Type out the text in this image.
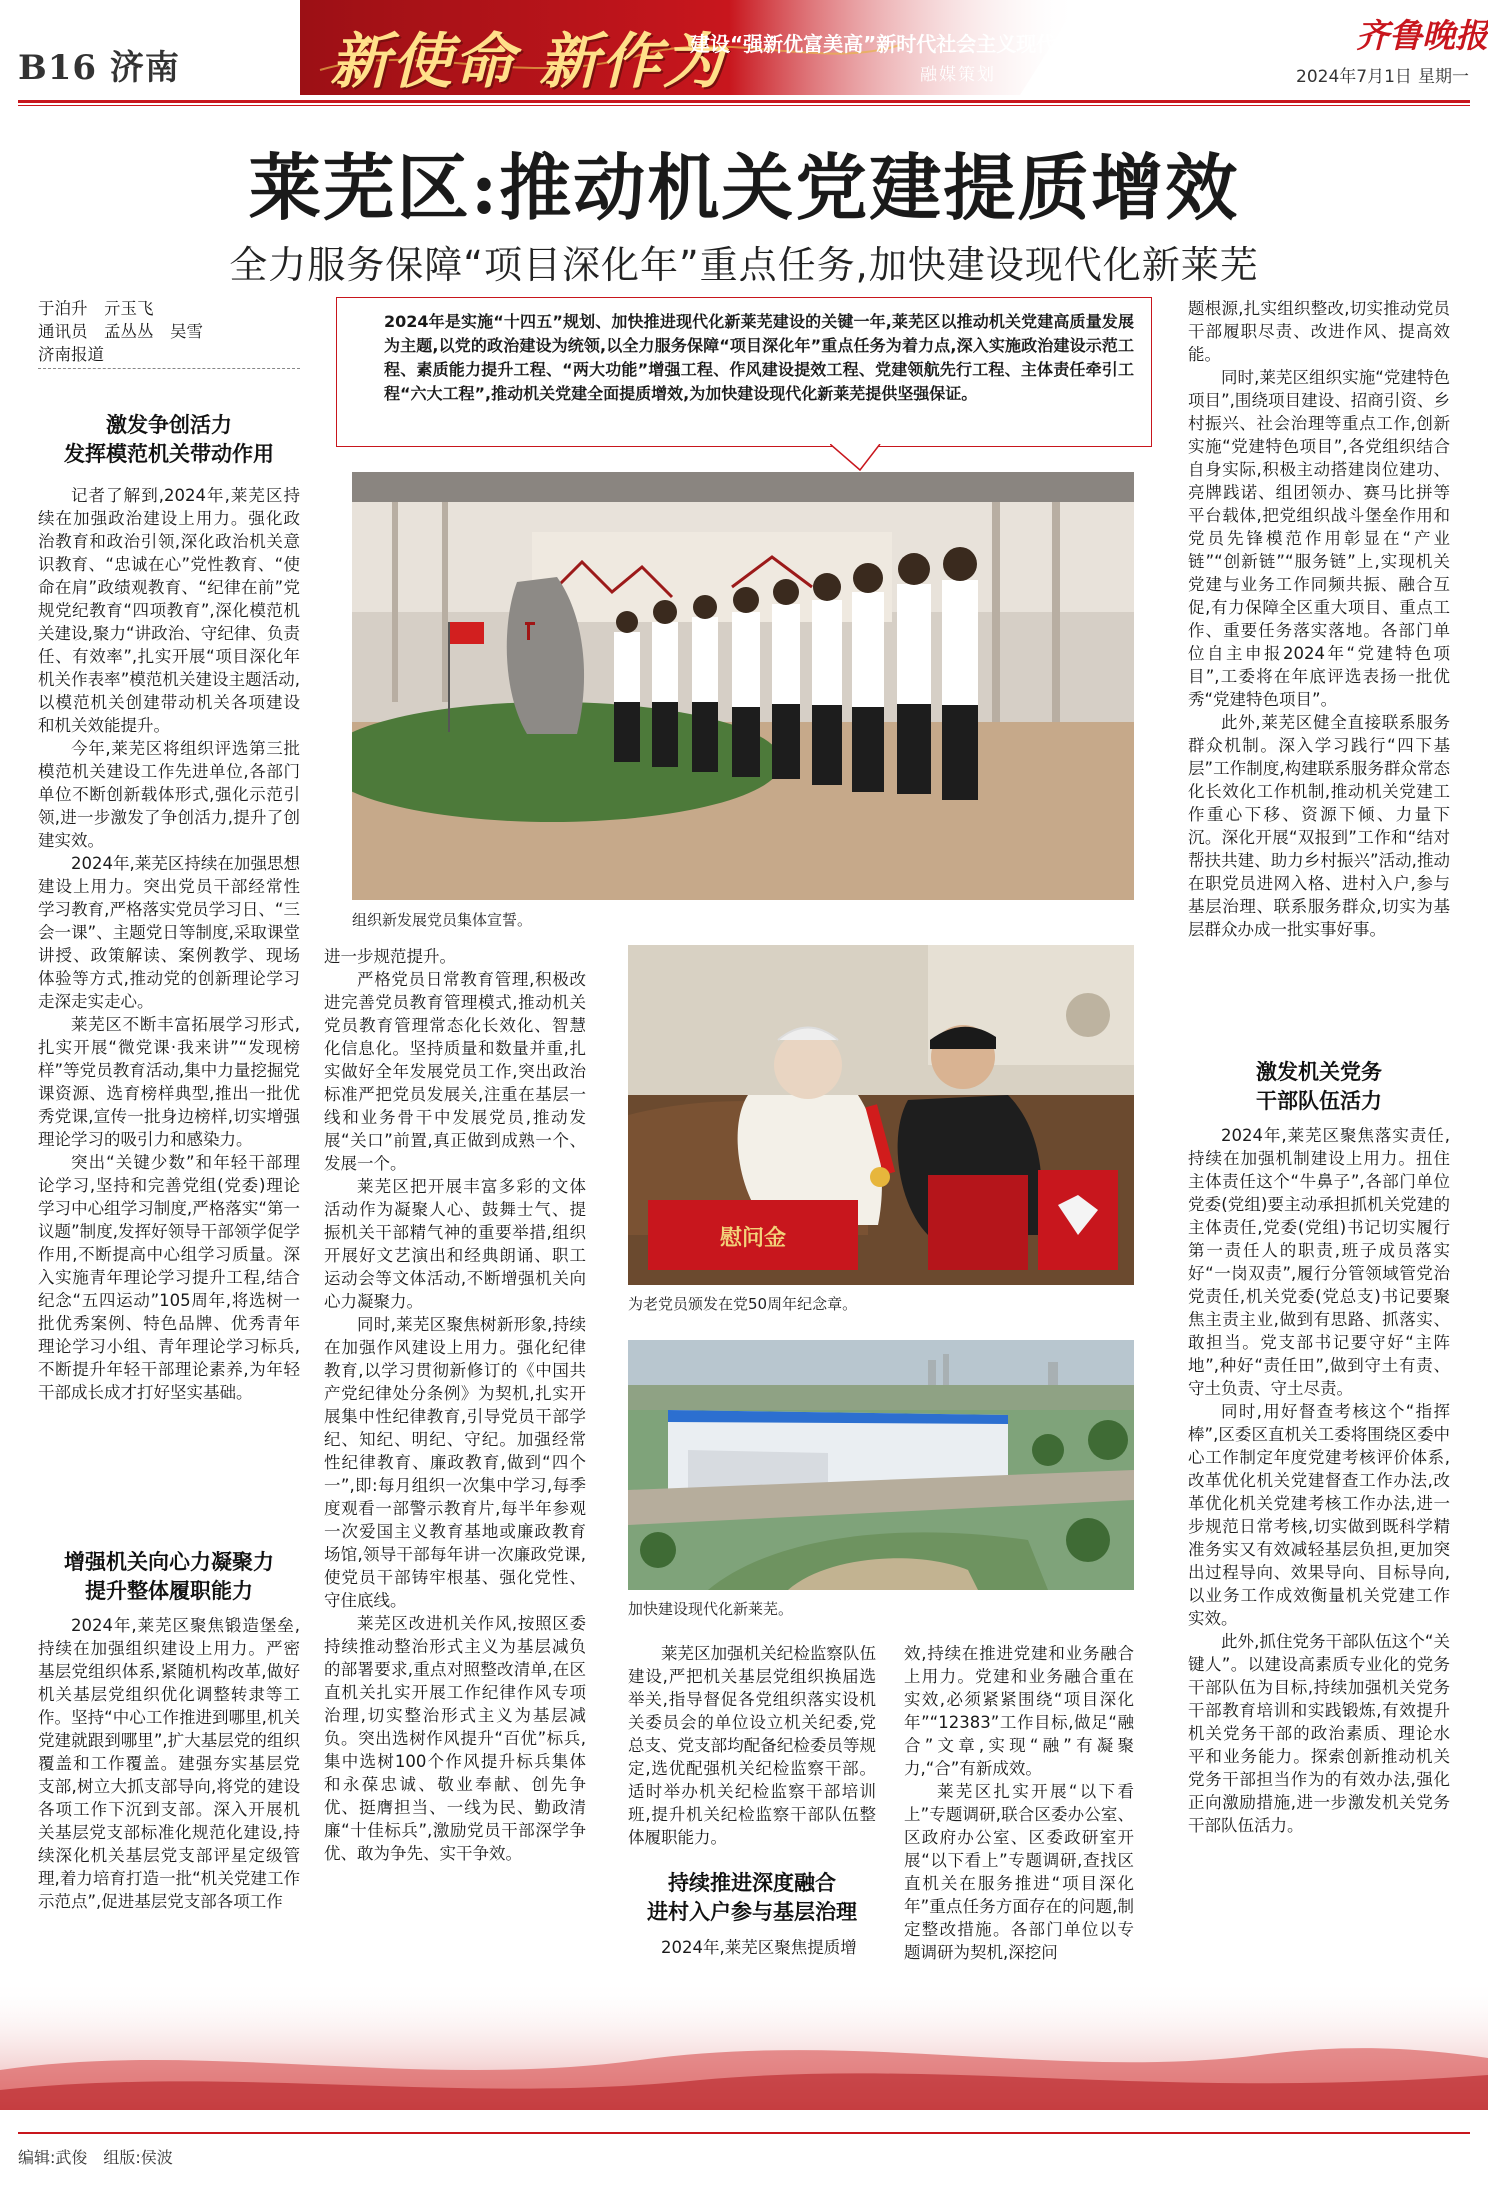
B16 济南	新使命 新作为
建设“强新优富美高”新时代社会主义现代化强省会
融媒策划
齐鲁晚报
2024年7月1日 星期一
莱芜区:推动机关党建提质增效
全力服务保障“项目深化年”重点任务,加快建设现代化新莱芜
于泊升　亓玉飞
通讯员　孟丛丛　吴雪
济南报道
2024年是实施“十四五”规划、加快推进现代化新莱芜建设的关键一年,莱芜区以推动机关党建高质量发展为主题,以党的政治建设为统领,以全力服务保障“项目深化年”重点任务为着力点,深入实施政治建设示范工程、素质能力提升工程、“两大功能”增强工程、作风建设提效工程、党建领航先行工程、主体责任牵引工程“六大工程”,推动机关党建全面提质增效,为加快建设现代化新莱芜提供坚强保证。
激发争创活力
发挥模范机关带动作用

记者了解到,2024年,莱芜区持续在加强政治建设上用力。强化政治教育和政治引领,深化政治机关意识教育、“忠诚在心”党性教育、“使命在肩”政绩观教育、“纪律在前”党规党纪教育“四项教育”,深化模范机关建设,聚力“讲政治、守纪律、负责任、有效率”,扎实开展“项目深化年 机关作表率”模范机关建设主题活动,以模范机关创建带动机关各项建设和机关效能提升。

今年,莱芜区将组织评选第三批模范机关建设工作先进单位,各部门单位不断创新载体形式,强化示范引领,进一步激发了争创活力,提升了创建实效。

2024年,莱芜区持续在加强思想建设上用力。突出党员干部经常性学习教育,严格落实党员学习日、“三会一课”、主题党日等制度,采取课堂讲授、政策解读、案例教学、现场体验等方式,推动党的创新理论学习走深走实走心。

莱芜区不断丰富拓展学习形式,扎实开展“微党课·我来讲”“发现榜样”等党员教育活动,集中力量挖掘党课资源、选育榜样典型,推出一批优秀党课,宣传一批身边榜样,切实增强理论学习的吸引力和感染力。

突出“关键少数”和年轻干部理论学习,坚持和完善党组(党委)理论学习中心组学习制度,严格落实“第一议题”制度,发挥好领导干部领学促学作用,不断提高中心组学习质量。深入实施青年理论学习提升工程,结合纪念“五四运动”105周年,将选树一批优秀案例、特色品牌、优秀青年理论学习小组、青年理论学习标兵,不断提升年轻干部理论素养,为年轻干部成长成才打好坚实基础。

增强机关向心力凝聚力
提升整体履职能力

2024年,莱芜区聚焦锻造堡垒,持续在加强组织建设上用力。严密基层党组织体系,紧随机构改革,做好机关基层党组织优化调整转隶等工作。坚持“中心工作推进到哪里,机关党建就跟到哪里”,扩大基层党的组织覆盖和工作覆盖。建强夯实基层党支部,树立大抓支部导向,将党的建设各项工作下沉到支部。深入开展机关基层党支部标准化规范化建设,持续深化机关基层党支部评星定级管理,着力培育打造一批“机关党建工作示范点”,促进基层党支部各项工作

组织新发展党员集体宣誓。

进一步规范提升。

严格党员日常教育管理,积极改进完善党员教育管理模式,推动机关党员教育管理常态化长效化、智慧化信息化。坚持质量和数量并重,扎实做好全年发展党员工作,突出政治标准严把党员发展关,注重在基层一线和业务骨干中发展党员,推动发展“关口”前置,真正做到成熟一个、发展一个。

莱芜区把开展丰富多彩的文体活动作为凝聚人心、鼓舞士气、提振机关干部精气神的重要举措,组织开展好文艺演出和经典朗诵、职工运动会等文体活动,不断增强机关向心力凝聚力。

同时,莱芜区聚焦树新形象,持续在加强作风建设上用力。强化纪律教育,以学习贯彻新修订的《中国共产党纪律处分条例》为契机,扎实开展集中性纪律教育,引导党员干部学纪、知纪、明纪、守纪。加强经常性纪律教育、廉政教育,做到“四个一”,即:每月组织一次集中学习,每季度观看一部警示教育片,每半年参观一次爱国主义教育基地或廉政教育场馆,领导干部每年讲一次廉政党课,使党员干部铸牢根基、强化党性、守住底线。

莱芜区改进机关作风,按照区委持续推动整治形式主义为基层减负的部署要求,重点对照整改清单,在区直机关扎实开展工作纪律作风专项治理,切实整治形式主义为基层减负。突出选树作风提升“百优”标兵,集中选树100个作风提升标兵集体和永葆忠诚、敬业奉献、创先争优、挺膺担当、一线为民、勤政清廉“十佳标兵”,激励党员干部深学争优、敢为争先、实干争效。

慰问金
为老党员颁发在党50周年纪念章。
加快建设现代化新莱芜。

莱芜区加强机关纪检监察队伍建设,严把机关基层党组织换届选举关,指导督促各党组织落实设机关委员会的单位设立机关纪委,党总支、党支部均配备纪检委员等规定,选优配强机关纪检监察干部。适时举办机关纪检监察干部培训班,提升机关纪检监察干部队伍整体履职能力。

持续推进深度融合
进村入户参与基层治理

2024年,莱芜区聚焦提质增

效,持续在推进党建和业务融合上用力。党建和业务融合重在实效,必须紧紧围绕“项目深化年”“12383”工作目标,做足“融合”文章,实现“融”有凝聚力,“合”有新成效。

莱芜区扎实开展“以下看上”专题调研,联合区委办公室、区政府办公室、区委政研室开展“以下看上”专题调研,查找区直机关在服务推进“项目深化年”重点任务方面存在的问题,制定整改措施。各部门单位以专题调研为契机,深挖问

题根源,扎实组织整改,切实推动党员干部履职尽责、改进作风、提高效能。

同时,莱芜区组织实施“党建特色项目”,围绕项目建设、招商引资、乡村振兴、社会治理等重点工作,创新实施“党建特色项目”,各党组织结合自身实际,积极主动搭建岗位建功、亮牌践诺、组团领办、赛马比拼等平台载体,把党组织战斗堡垒作用和党员先锋模范作用彰显在“产业链”“创新链”“服务链”上,实现机关党建与业务工作同频共振、融合互促,有力保障全区重大项目、重点工作、重要任务落实落地。各部门单位自主申报2024年“党建特色项目”,工委将在年底评选表扬一批优秀“党建特色项目”。

此外,莱芜区健全直接联系服务群众机制。深入学习践行“四下基层”工作制度,构建联系服务群众常态化长效化工作机制,推动机关党建工作重心下移、资源下倾、力量下沉。深化开展“双报到”工作和“结对帮扶共建、助力乡村振兴”活动,推动在职党员进网入格、进村入户,参与基层治理、联系服务群众,切实为基层群众办成一批实事好事。

激发机关党务
干部队伍活力

2024年,莱芜区聚焦落实责任,持续在加强机制建设上用力。扭住主体责任这个“牛鼻子”,各部门单位党委(党组)要主动承担抓机关党建的主体责任,党委(党组)书记切实履行第一责任人的职责,班子成员落实好“一岗双责”,履行分管领域管党治党责任,机关党委(党总支)书记要聚焦主责主业,做到有思路、抓落实、敢担当。党支部书记要守好“主阵地”,种好“责任田”,做到守土有责、守土负责、守土尽责。

同时,用好督查考核这个“指挥棒”,区委区直机关工委将围绕区委中心工作制定年度党建考核评价体系,改革优化机关党建督查工作办法,改革优化机关党建考核工作办法,进一步规范日常考核,切实做到既科学精准务实又有效减轻基层负担,更加突出过程导向、效果导向、目标导向,以业务工作成效衡量机关党建工作实效。

此外,抓住党务干部队伍这个“关键人”。以建设高素质专业化的党务干部队伍为目标,持续加强机关党务干部教育培训和实践锻炼,有效提升机关党务干部的政治素质、理论水平和业务能力。探索创新推动机关党务干部担当作为的有效办法,强化正向激励措施,进一步激发机关党务干部队伍活力。

编辑:武俊　组版:侯波
